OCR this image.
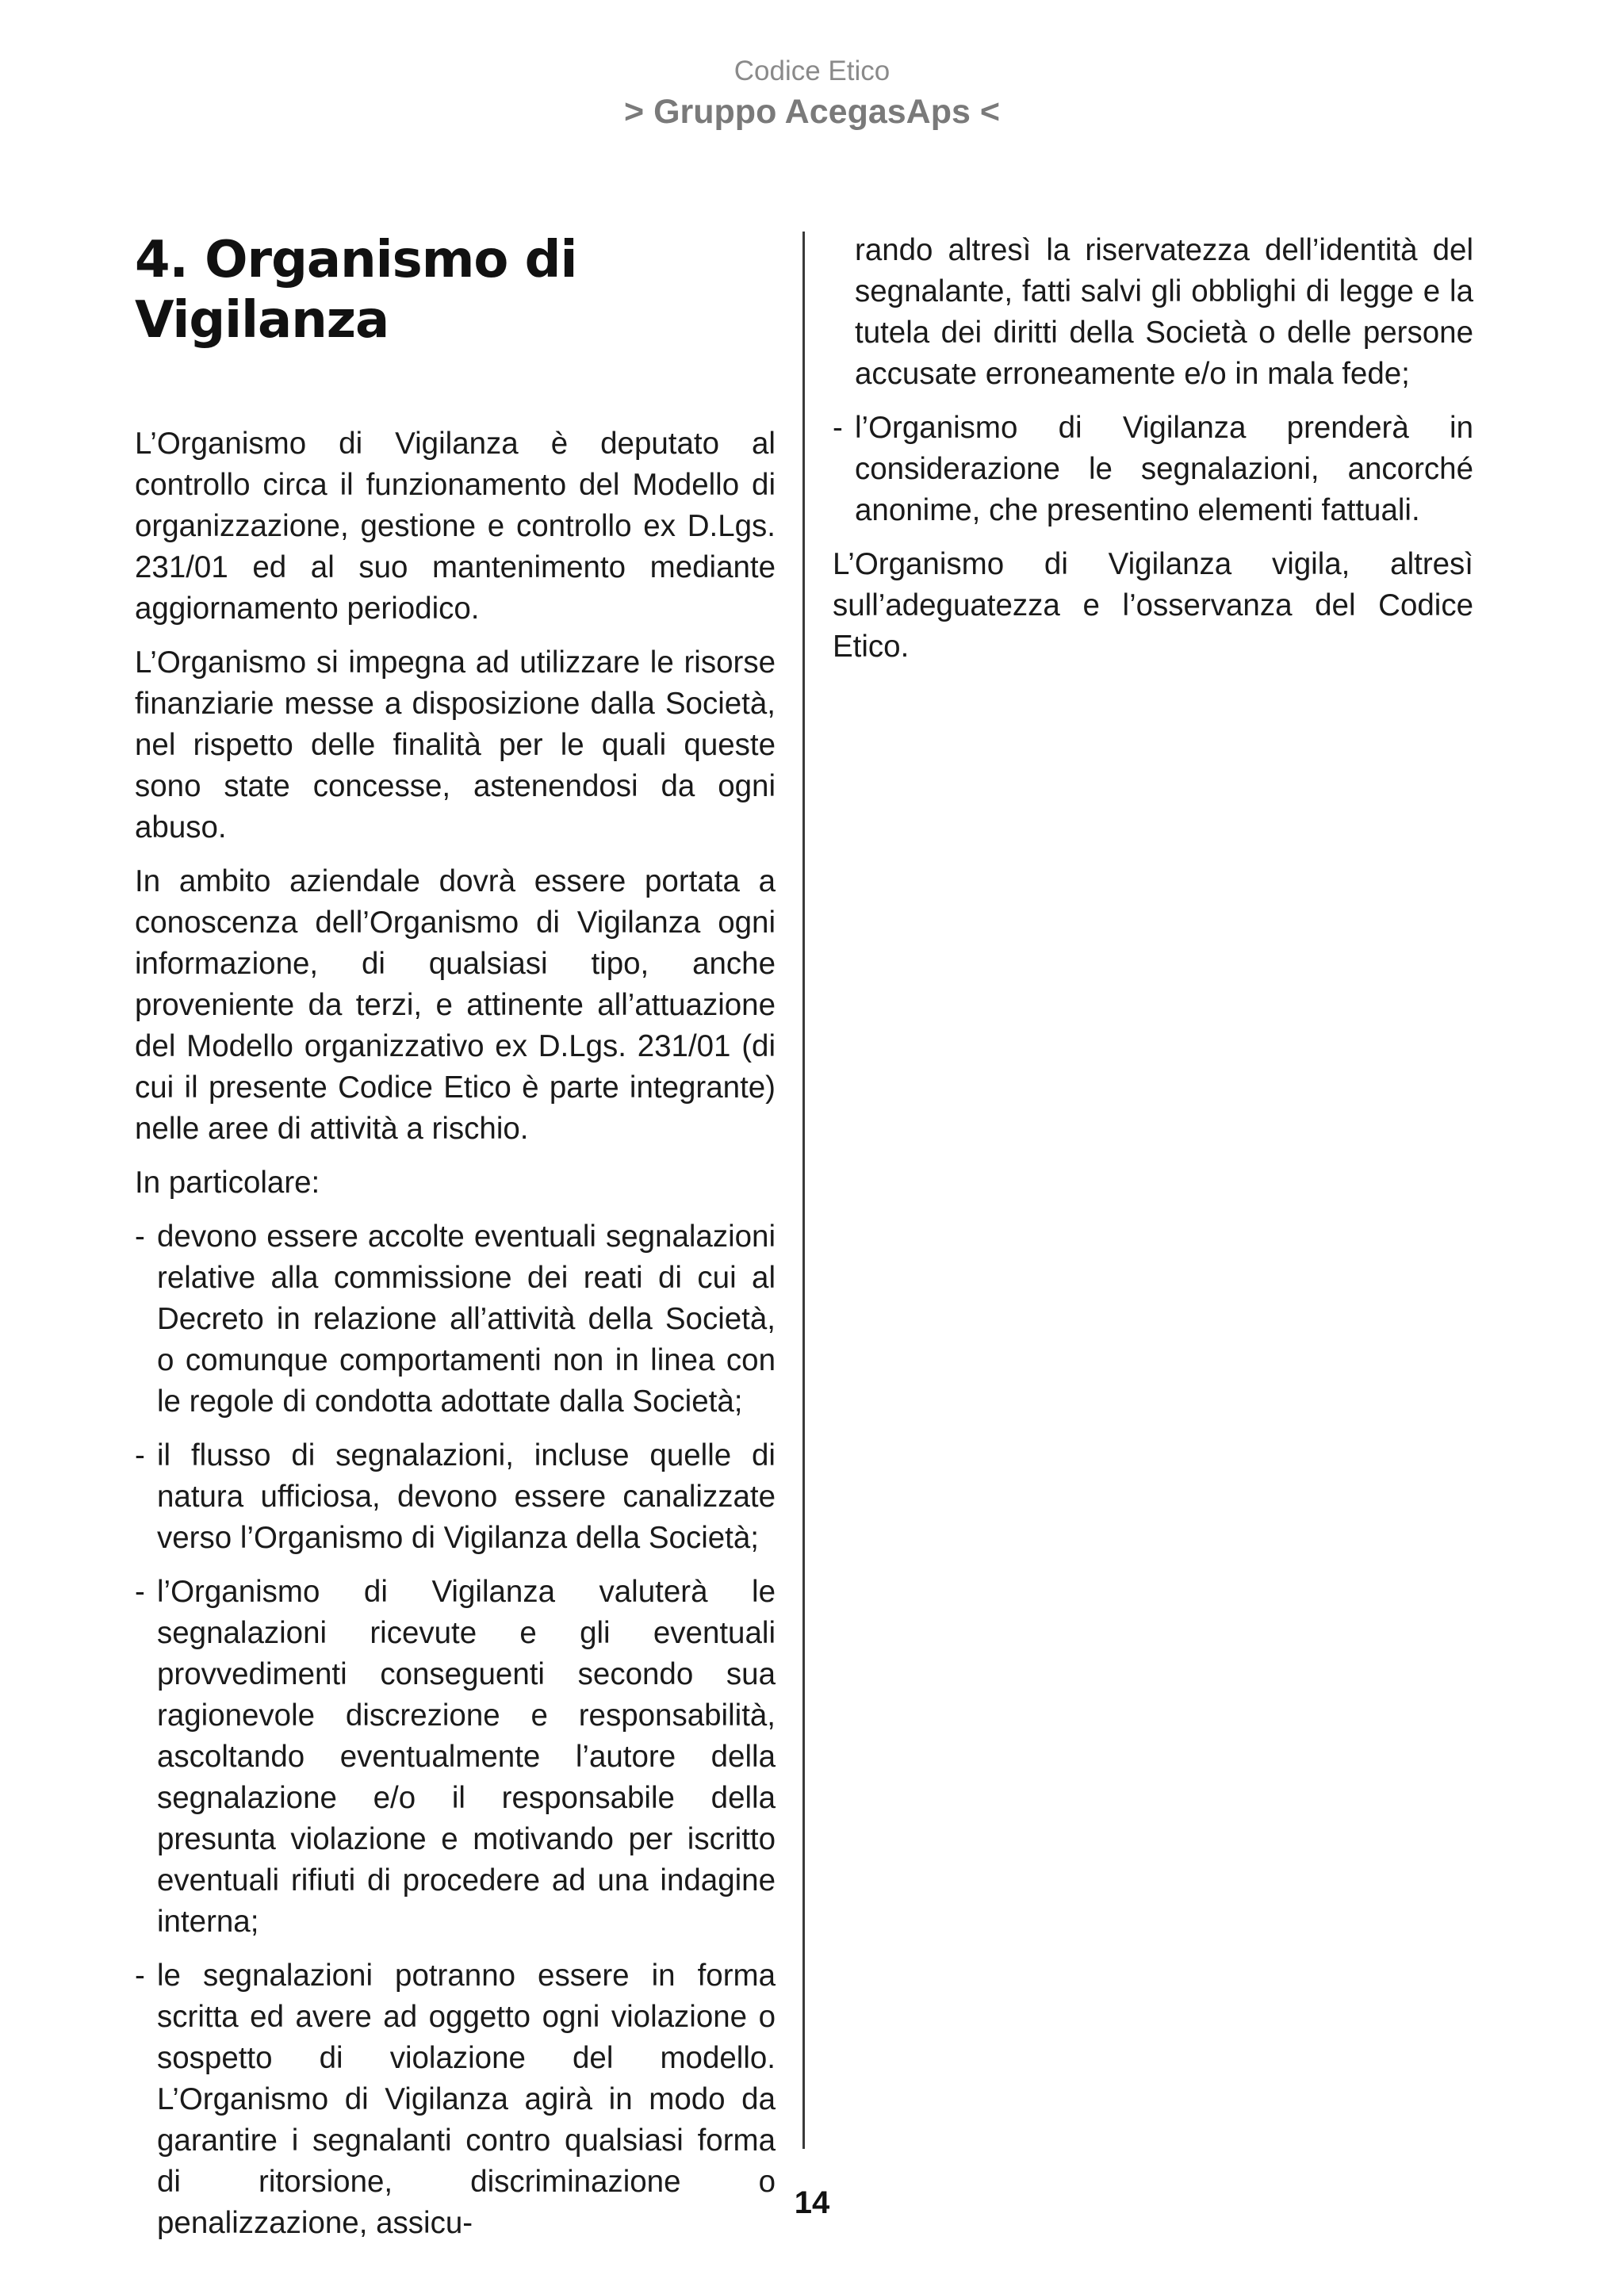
Codice Etico
> Gruppo AcegasAps <
4. Organismo di Vigilanza

L’Organismo di Vigilanza è deputato al controllo circa il funzionamento del Modello di organizzazione, gestione e controllo ex D.Lgs. 231/01 ed al suo mantenimento mediante aggiornamento periodico.

L’Organismo si impegna ad utilizzare le risorse finanziarie messe a disposizione dalla Società, nel rispetto delle finalità per le quali queste sono state concesse, astenendosi da ogni abuso.

In ambito aziendale dovrà essere portata a conoscenza dell’Organismo di Vigilanza ogni informazione, di qualsiasi tipo, anche proveniente da terzi, e attinente all’attuazione del Modello organizzativo ex D.Lgs. 231/01 (di cui il presente Codice Etico è parte integrante) nelle aree di attività a rischio.

In particolare:

- devono essere accolte eventuali segnalazioni relative alla commissione dei reati di cui al Decreto in relazione all’attività della Società, o comunque comportamenti non in linea con le regole di condotta adottate dalla Società;
- il flusso di segnalazioni, incluse quelle di natura ufficiosa, devono essere canalizzate verso l’Organismo di Vigilanza della Società;
- l’Organismo di Vigilanza valuterà le segnalazioni ricevute e gli eventuali provvedimenti conseguenti secondo sua ragionevole discrezione e responsabilità, ascoltando eventualmente l’autore della segnalazione e/o il responsabile della presunta violazione e motivando per iscritto eventuali rifiuti di procedere ad una indagine interna;
- le segnalazioni potranno essere in forma scritta ed avere ad oggetto ogni violazione o sospetto di violazione del modello. L’Organismo di Vigilanza agirà in modo da garantire i segnalanti contro qualsiasi forma di ritorsione, discriminazione o penalizzazione, assicu-

rando altresì la riservatezza dell’identità del segnalante, fatti salvi gli obblighi di legge e la tutela dei diritti della Società o delle persone accusate erroneamente e/o in mala fede;

- l’Organismo di Vigilanza prenderà in considerazione le segnalazioni, ancorché anonime, che presentino elementi fattuali.

L’Organismo di Vigilanza vigila, altresì sull’adeguatezza e l’osservanza del Codice Etico.

14
